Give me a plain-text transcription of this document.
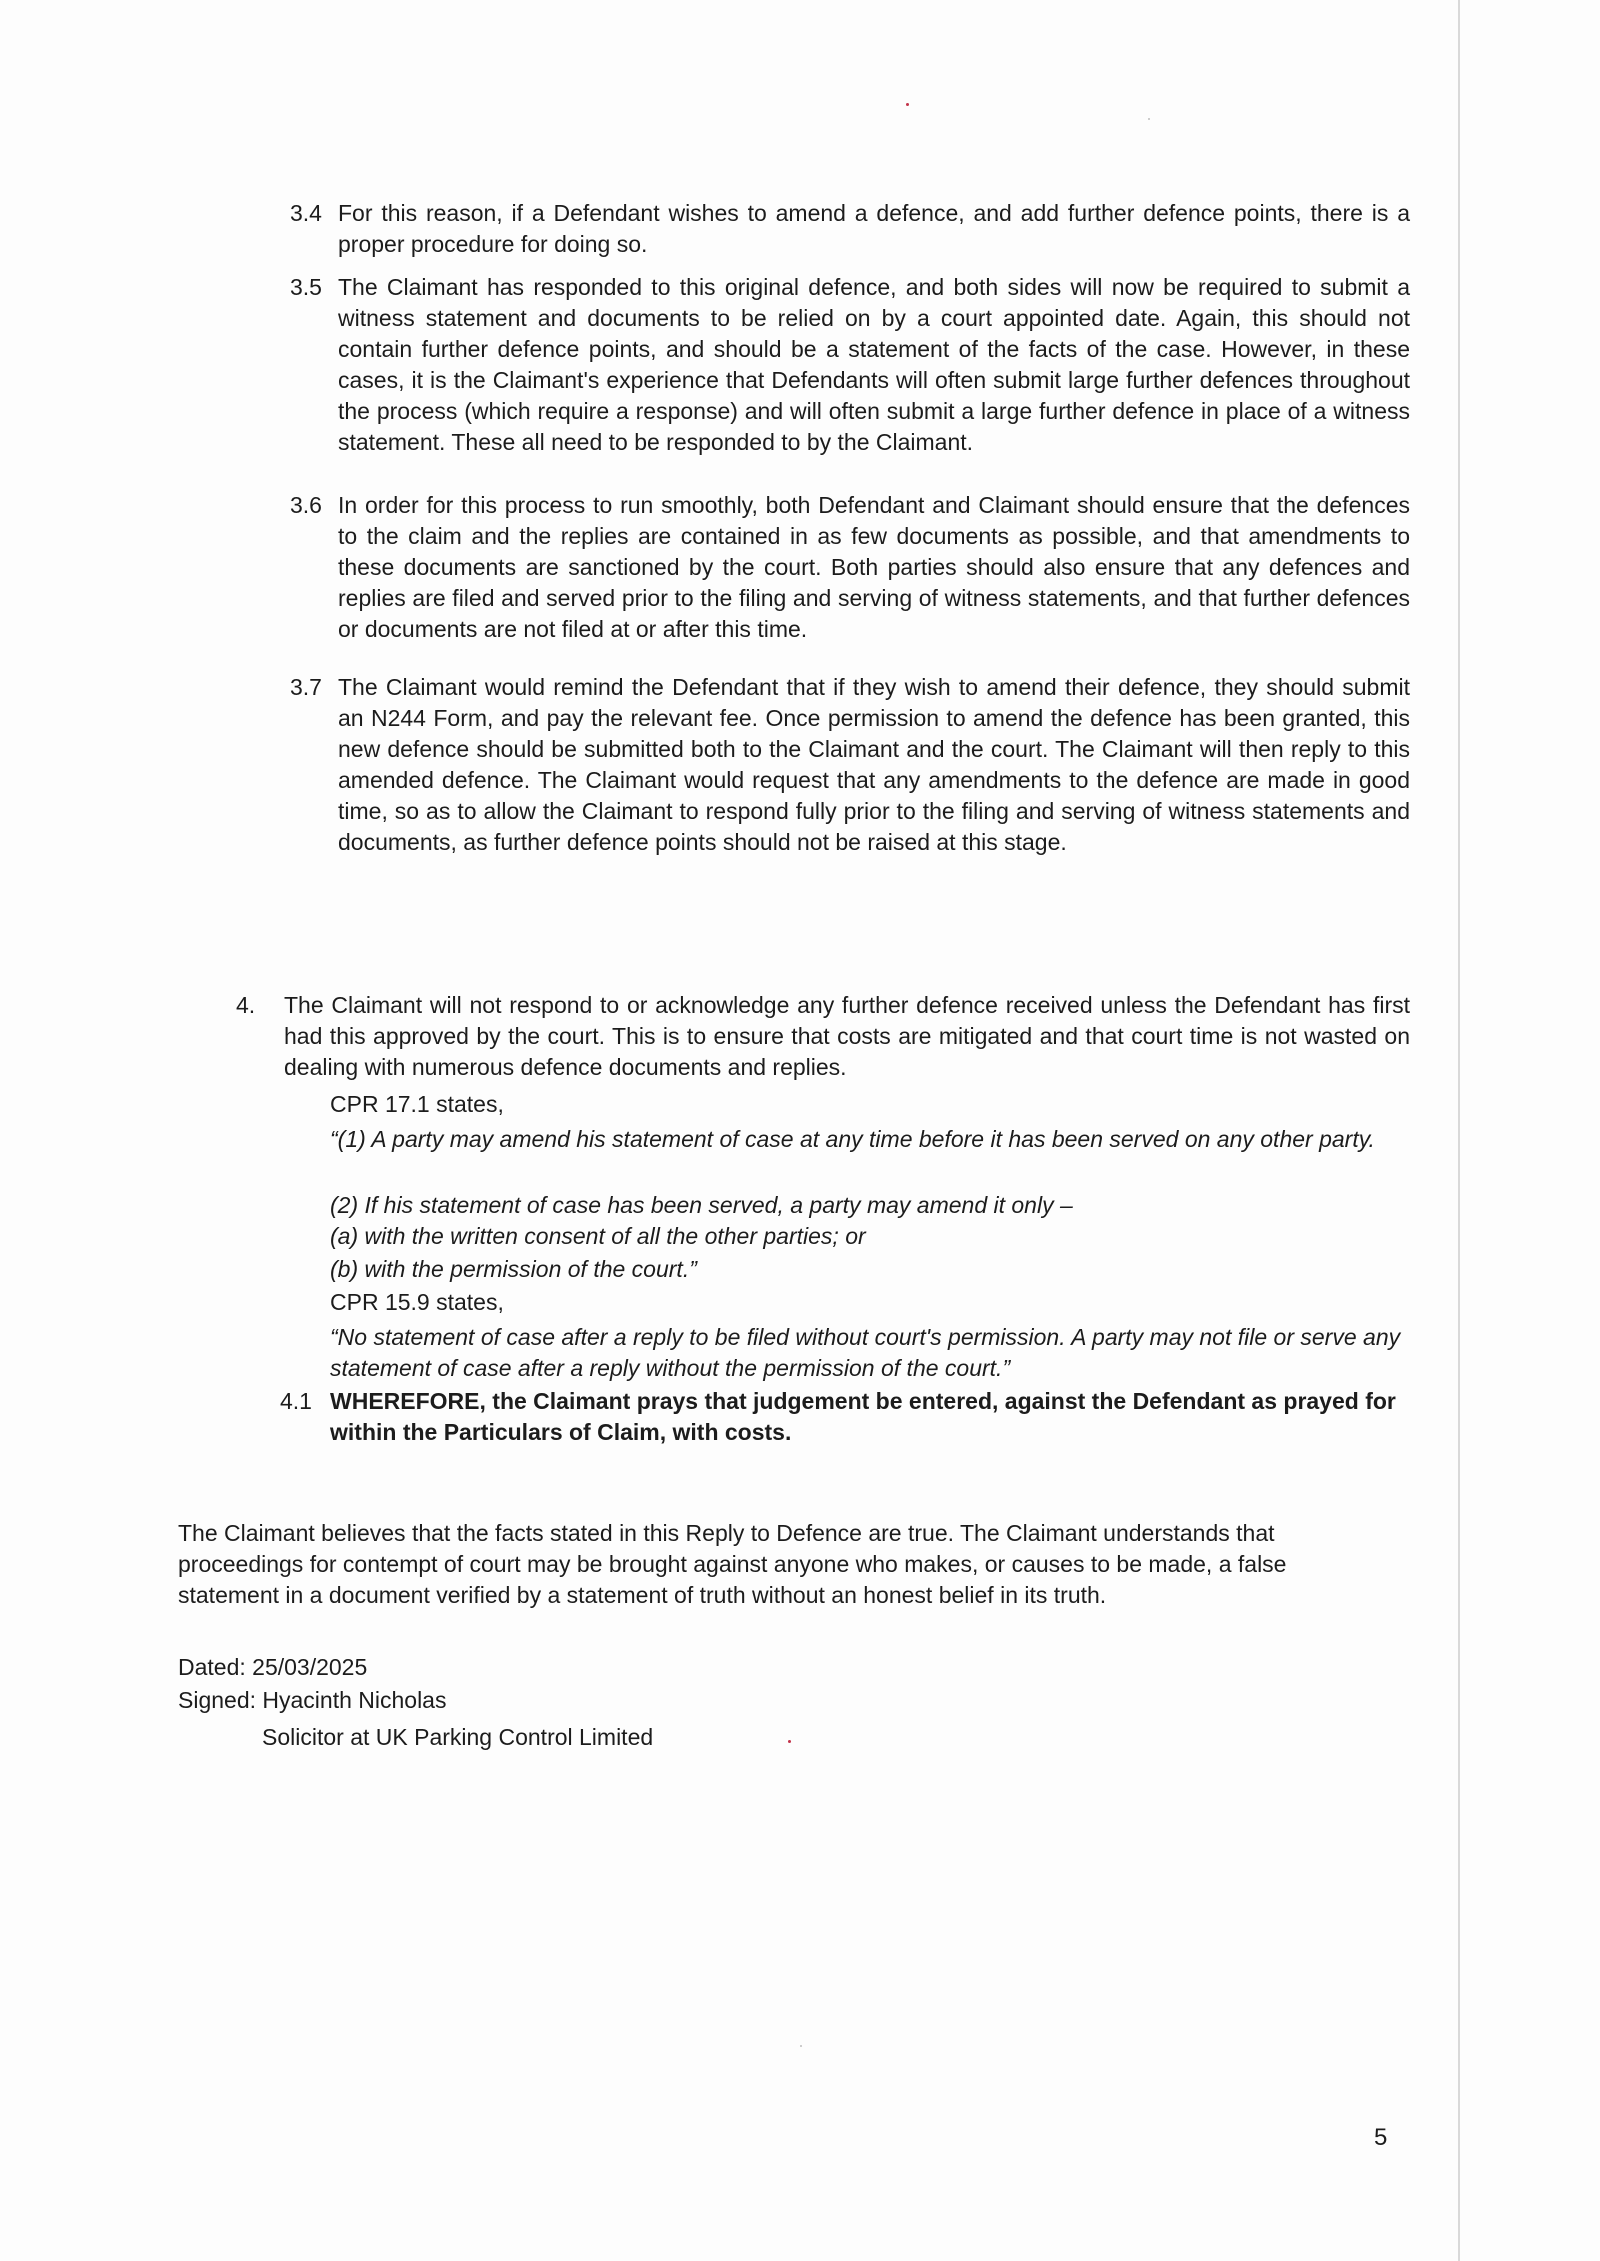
3.4 For this reason, if a Defendant wishes to amend a defence, and add further defence points, there is a proper procedure for doing so.
3.5 The Claimant has responded to this original defence, and both sides will now be required to submit a witness statement and documents to be relied on by a court appointed date. Again, this should not contain further defence points, and should be a statement of the facts of the case. However, in these cases, it is the Claimant's experience that Defendants will often submit large further defences throughout the process (which require a response) and will often submit a large further defence in place of a witness statement. These all need to be responded to by the Claimant.
3.6 In order for this process to run smoothly, both Defendant and Claimant should ensure that the defences to the claim and the replies are contained in as few documents as possible, and that amendments to these documents are sanctioned by the court. Both parties should also ensure that any defences and replies are filed and served prior to the filing and serving of witness statements, and that further defences or documents are not filed at or after this time.
3.7 The Claimant would remind the Defendant that if they wish to amend their defence, they should submit an N244 Form, and pay the relevant fee. Once permission to amend the defence has been granted, this new defence should be submitted both to the Claimant and the court. The Claimant will then reply to this amended defence. The Claimant would request that any amendments to the defence are made in good time, so as to allow the Claimant to respond fully prior to the filing and serving of witness statements and documents, as further defence points should not be raised at this stage.
4. The Claimant will not respond to or acknowledge any further defence received unless the Defendant has first had this approved by the court. This is to ensure that costs are mitigated and that court time is not wasted on dealing with numerous defence documents and replies.
CPR 17.1 states,
“(1) A party may amend his statement of case at any time before it has been served on any other party.
(2) If his statement of case has been served, a party may amend it only –
(a) with the written consent of all the other parties; or
(b) with the permission of the court.”
CPR 15.9 states,
“No statement of case after a reply to be filed without court's permission. A party may not file or serve any statement of case after a reply without the permission of the court.”
4.1 WHEREFORE, the Claimant prays that judgement be entered, against the Defendant as prayed for within the Particulars of Claim, with costs.
The Claimant believes that the facts stated in this Reply to Defence are true. The Claimant understands that proceedings for contempt of court may be brought against anyone who makes, or causes to be made, a false statement in a document verified by a statement of truth without an honest belief in its truth.
Dated: 25/03/2025
Signed: Hyacinth Nicholas
Solicitor at UK Parking Control Limited
5
